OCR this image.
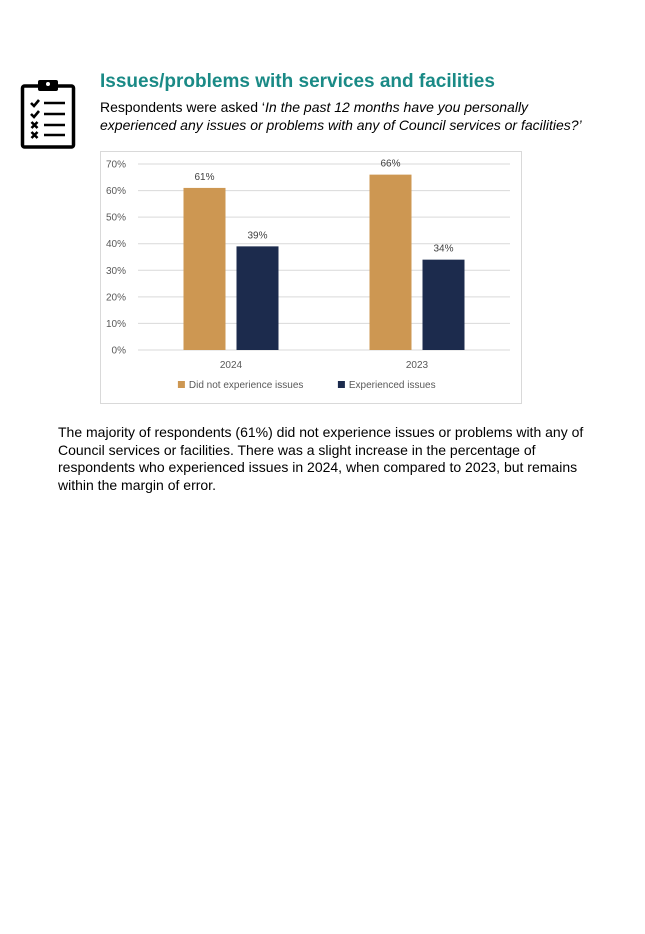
Issues/problems with services and facilities

Respondents were asked ‘In the past 12 months have you personally experienced any issues or problems with any of Council services or facilities?’

0%
10%
20%
30%
40%
50%
60%
70%
61%
39%
2024
66%
34%
2023
Did not experience issues	Experienced issues

The majority of respondents (61%) did not experience issues or problems with any of Council services or facilities. There was a slight increase in the percentage of respondents who experienced issues in 2024, when compared to 2023, but remains within the margin of error.
